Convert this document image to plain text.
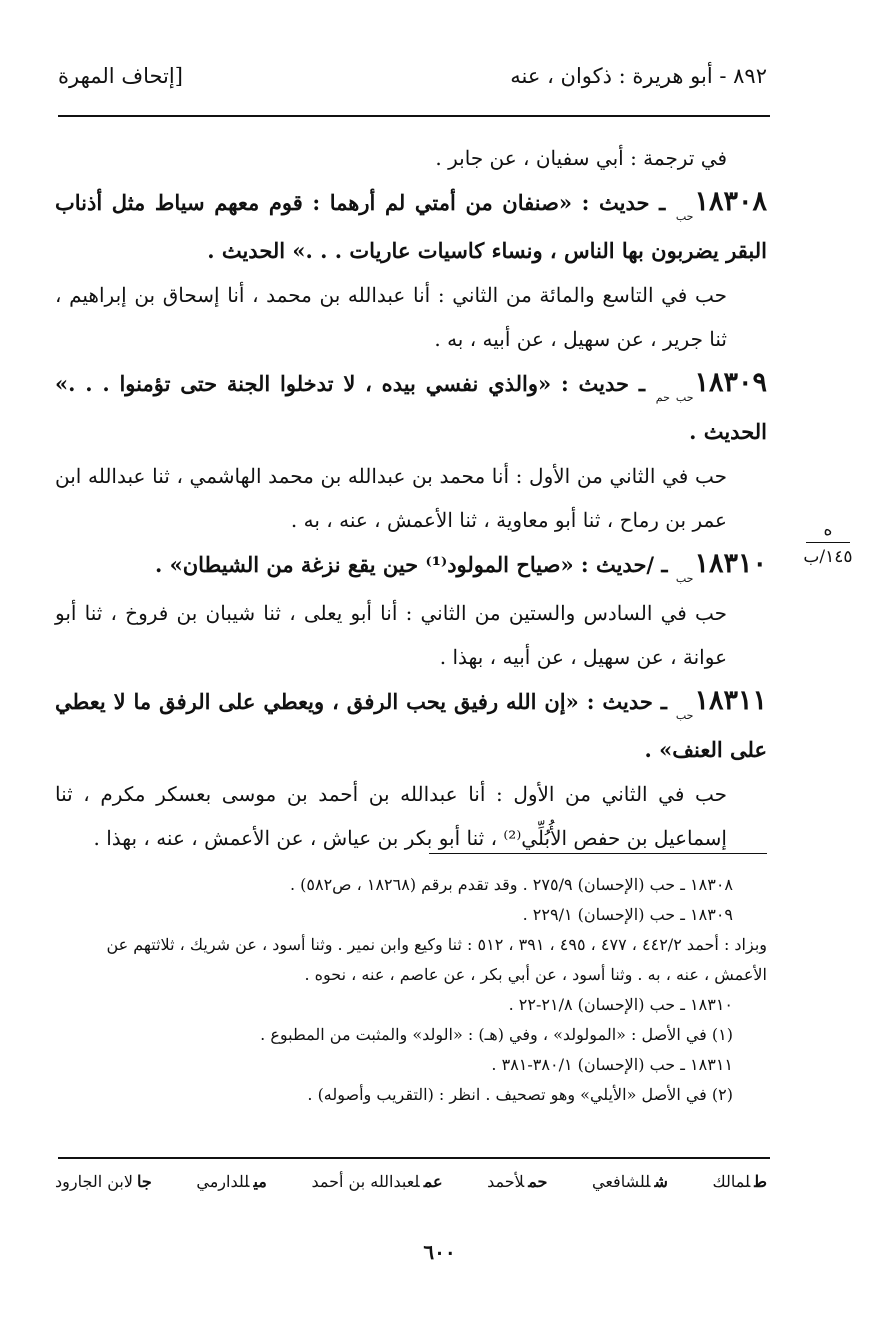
٨٩٢ - أبو هريرة : ذكوان ، عنه
[إتحاف المهرة

في ترجمة : أبي سفيان ، عن جابر .

$١٨٣٠٨_{حب}$ ـ حديث : «صنفان من أمتي لم أرهما : قوم معهم سياط مثل أذناب البقر يضربون بها الناس ، ونساء كاسيات عاريات . . .» الحديث .

حب في التاسع والمائة من الثاني : أنا عبدالله بن محمد ، أنا إسحاق بن إبراهيم ، ثنا جرير ، عن سهيل ، عن أبيه ، به .

$١٨٣٠٩_{حب حم}$ ـ حديث : «والذي نفسي بيده ، لا تدخلوا الجنة حتى تؤمنوا . . .» الحديث .

حب في الثاني من الأول : أنا محمد بن عبدالله بن محمد الهاشمي ، ثنا عبدالله ابن عمر بن رماح ، ثنا أبو معاوية ، ثنا الأعمش ، عنه ، به .

$١٨٣١٠_{حب}$ ـ /حديث : «صياح المولود⁽¹⁾ حين يقع نزغة من الشيطان» .

حب في السادس والستين من الثاني : أنا أبو يعلى ، ثنا شيبان بن فروخ ، ثنا أبو عوانة ، عن سهيل ، عن أبيه ، بهذا .

$١٨٣١١_{حب}$ ـ حديث : «إن الله رفيق يحب الرفق ، ويعطي على الرفق ما لا يعطي على العنف» .

حب في الثاني من الأول : أنا عبدالله بن أحمد بن موسى بعسكر مكرم ، ثنا إسماعيل بن حفص الأُبُلِّي⁽²⁾ ، ثنا أبو بكر بن عياش ، عن الأعمش ، عنه ، بهذا .

ه
١٤٥/ب

١٨٣٠٨ ـ حب (الإحسان) ٢٧٥/٩ . وقد تقدم برقم (١٨٢٦٨ ، ص٥٨٢) .

١٨٣٠٩ ـ حب (الإحسان) ٢٢٩/١ .

وبزاد : أحمد ٤٤٢/٢ ، ٤٧٧ ، ٤٩٥ ، ٣٩١ ، ٥١٢ : ثنا وكيع وابن نمير . وثنا أسود ، عن شريك ، ثلاثتهم عن الأعمش ، عنه ، به . وثنا أسود ، عن أبي بكر ، عن عاصم ، عنه ، نحوه .

١٨٣١٠ ـ حب (الإحسان) ٢١/٨-٢٢ .

(١) في الأصل : «المولولد» ، وفي (هـ) : «الولد» والمثبت من المطبوع .

١٨٣١١ ـ حب (الإحسان) ٣٨٠/١-٣٨١ .

(٢) في الأصل «الأيلي» وهو تصحيف . انظر : (التقريب وأصوله) .

طلمالك
شللشافعي
حملأحمد
عملعبدالله بن أحمد
ميللدارمي
جالابن الجارود
٦٠٠
